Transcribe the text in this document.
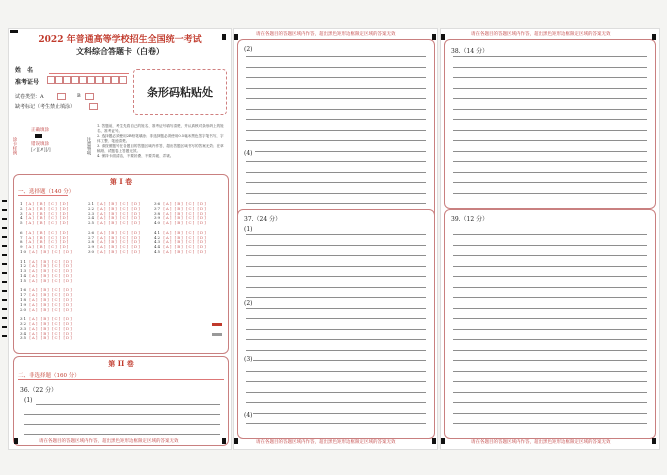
2022 年普通高等学校招生全国统一考试
文科综合答题卡（白卷）
姓　名
准考证号
试卷类型：A	B
缺考标记（考生禁止填涂）
条形码粘贴处
涂卡样例
正确填涂
错误填涂
[✓][✗][/]	注意事项
1. 答题前，考生先将自己的姓名、准考证号填写清楚，并认真核对条形码上的姓名、准考证号。
2. 选择题必须使用2B铅笔填涂；非选择题必须使用0.5毫米黑色签字笔书写，字体工整、笔迹清楚。
3. 请按照题号在各题目的答题区域内作答，超出答题区域书写的答案无效；在草稿纸、试题卷上答题无效。
4. 保持卡面清洁，不要折叠、不要弄破、弄皱。
第 I 卷
一、选择题（140 分）
1 [A] [B] [C] [D]
2 [A] [B] [C] [D]
3 [A] [B] [C] [D]
4 [A] [B] [C] [D]
5 [A] [B] [C] [D]
6 [A] [B] [C] [D]
7 [A] [B] [C] [D]
8 [A] [B] [C] [D]
9 [A] [B] [C] [D]
10 [A] [B] [C] [D]
11 [A] [B] [C] [D]
12 [A] [B] [C] [D]
13 [A] [B] [C] [D]
14 [A] [B] [C] [D]
15 [A] [B] [C] [D]
16 [A] [B] [C] [D]
17 [A] [B] [C] [D]
18 [A] [B] [C] [D]
19 [A] [B] [C] [D]
20 [A] [B] [C] [D]
31 [A] [B] [C] [D]
32 [A] [B] [C] [D]
33 [A] [B] [C] [D]
34 [A] [B] [C] [D]
35 [A] [B] [C] [D]
21 [A] [B] [C] [D]
22 [A] [B] [C] [D]
23 [A] [B] [C] [D]
24 [A] [B] [C] [D]
25 [A] [B] [C] [D]
26 [A] [B] [C] [D]
27 [A] [B] [C] [D]
28 [A] [B] [C] [D]
29 [A] [B] [C] [D]
30 [A] [B] [C] [D]
36 [A] [B] [C] [D]
37 [A] [B] [C] [D]
38 [A] [B] [C] [D]
39 [A] [B] [C] [D]
40 [A] [B] [C] [D]
41 [A] [B] [C] [D]
42 [A] [B] [C] [D]
43 [A] [B] [C] [D]
44 [A] [B] [C] [D]
45 [A] [B] [C] [D]
第 II 卷
二、非选择题（160 分）
36.（22 分）
(1)
请在各题目的答题区域内作答，超出黑色矩形边框限定区域的答案无效
请在各题目的答题区域内作答，超出黑色矩形边框限定区域的答案无效
(2)
(4)
37.（24 分）
(1)
(2)
(3)
(4)
请在各题目的答题区域内作答，超出黑色矩形边框限定区域的答案无效
请在各题目的答题区域内作答，超出黑色矩形边框限定区域的答案无效
38.（14 分）
39.（12 分）
请在各题目的答题区域内作答，超出黑色矩形边框限定区域的答案无效
